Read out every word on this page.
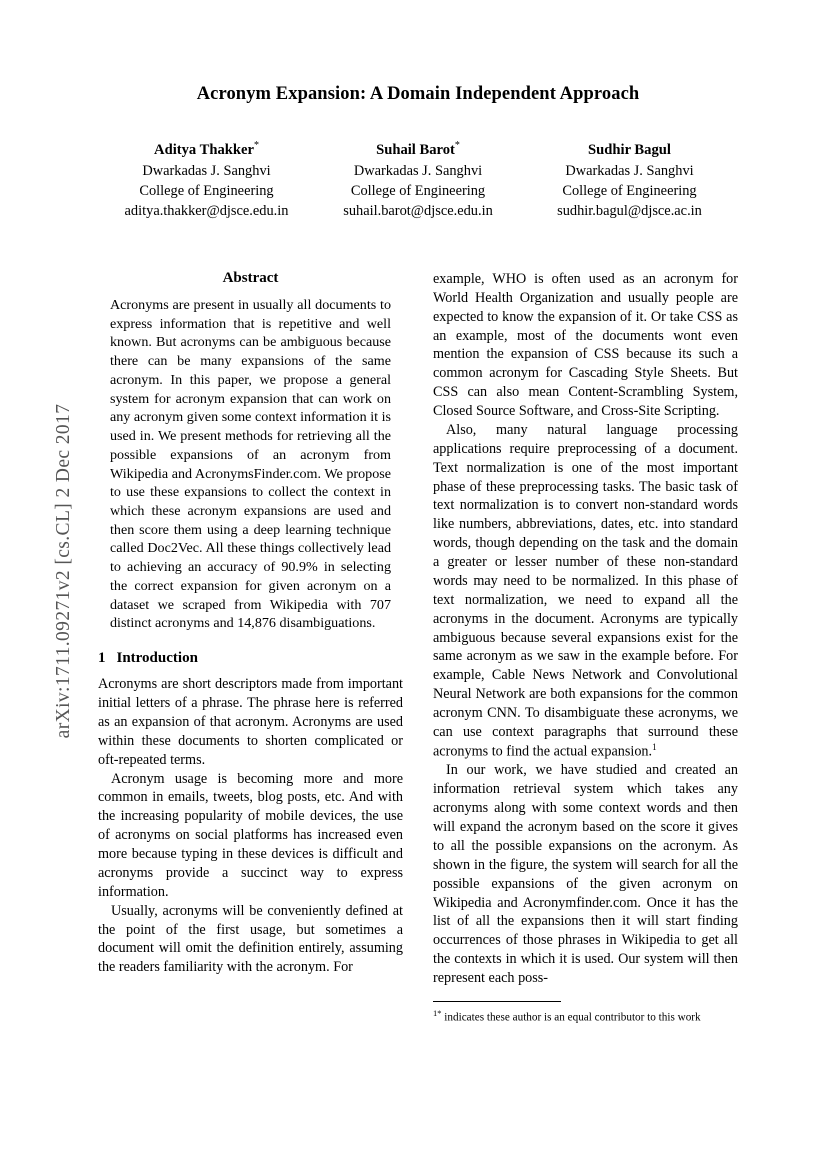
arXiv:1711.09271v2 [cs.CL] 2 Dec 2017
Acronym Expansion: A Domain Independent Approach
Aditya Thakker*
Dwarkadas J. Sanghvi
College of Engineering
aditya.thakker@djsce.edu.in
Suhail Barot*
Dwarkadas J. Sanghvi
College of Engineering
suhail.barot@djsce.edu.in
Sudhir Bagul
Dwarkadas J. Sanghvi
College of Engineering
sudhir.bagul@djsce.ac.in
Abstract

Acronyms are present in usually all documents to express information that is repetitive and well known. But acronyms can be ambiguous because there can be many expansions of the same acronym. In this paper, we propose a general system for acronym expansion that can work on any acronym given some context information it is used in. We present methods for retrieving all the possible expansions of an acronym from Wikipedia and AcronymsFinder.com. We propose to use these expansions to collect the context in which these acronym expansions are used and then score them using a deep learning technique called Doc2Vec. All these things collectively lead to achieving an accuracy of 90.9% in selecting the correct expansion for given acronym on a dataset we scraped from Wikipedia with 707 distinct acronyms and 14,876 disambiguations.

1 Introduction

Acronyms are short descriptors made from important initial letters of a phrase. The phrase here is referred as an expansion of that acronym. Acronyms are used within these documents to shorten complicated or oft-repeated terms.

Acronym usage is becoming more and more common in emails, tweets, blog posts, etc. And with the increasing popularity of mobile devices, the use of acronyms on social platforms has increased even more because typing in these devices is difficult and acronyms provide a succinct way to express information.

Usually, acronyms will be conveniently defined at the point of the first usage, but sometimes a document will omit the definition entirely, assuming the readers familiarity with the acronym. For

example, WHO is often used as an acronym for World Health Organization and usually people are expected to know the expansion of it. Or take CSS as an example, most of the documents wont even mention the expansion of CSS because its such a common acronym for Cascading Style Sheets. But CSS can also mean Content-Scrambling System, Closed Source Software, and Cross-Site Scripting.

Also, many natural language processing applications require preprocessing of a document. Text normalization is one of the most important phase of these preprocessing tasks. The basic task of text normalization is to convert non-standard words like numbers, abbreviations, dates, etc. into standard words, though depending on the task and the domain a greater or lesser number of these non-standard words may need to be normalized. In this phase of text normalization, we need to expand all the acronyms in the document. Acronyms are typically ambiguous because several expansions exist for the same acronym as we saw in the example before. For example, Cable News Network and Convolutional Neural Network are both expansions for the common acronym CNN. To disambiguate these acronyms, we can use context paragraphs that surround these acronyms to find the actual expansion.$^1$

In our work, we have studied and created an information retrieval system which takes any acronyms along with some context words and then will expand the acronym based on the score it gives to all the possible expansions on the acronym. As shown in the figure, the system will search for all the possible expansions of the given acronym on Wikipedia and Acronymfinder.com. Once it has the list of all the expansions then it will start finding occurrences of those phrases in Wikipedia to get all the contexts in which it is used. Our system will then represent each poss-

$^{1*}$ indicates these author is an equal contributor to this work
